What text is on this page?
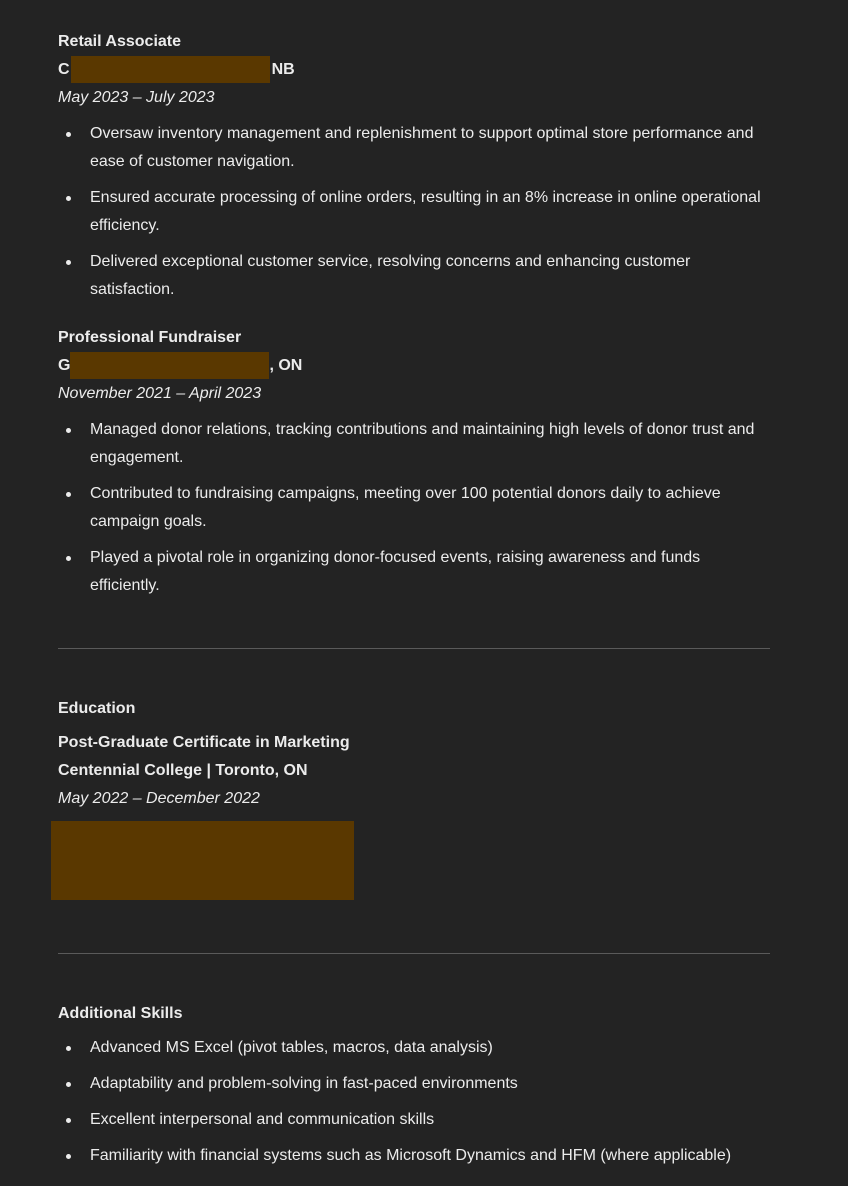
Retail Associate

C	NB

May 2023 – July 2023

Oversaw inventory management and replenishment to support optimal store performance and ease of customer navigation.
Ensured accurate processing of online orders, resulting in an 8% increase in online operational efficiency.
Delivered exceptional customer service, resolving concerns and enhancing customer satisfaction.

Professional Fundraiser

G	, ON

November 2021 – April 2023

Managed donor relations, tracking contributions and maintaining high levels of donor trust and engagement.
Contributed to fundraising campaigns, meeting over 100 potential donors daily to achieve campaign goals.
Played a pivotal role in organizing donor-focused events, raising awareness and funds efficiently.

Education

Post-Graduate Certificate in Marketing

Centennial College | Toronto, ON

May 2022 – December 2022

Additional Skills

Advanced MS Excel (pivot tables, macros, data analysis)
Adaptability and problem-solving in fast-paced environments
Excellent interpersonal and communication skills
Familiarity with financial systems such as Microsoft Dynamics and HFM (where applicable)
